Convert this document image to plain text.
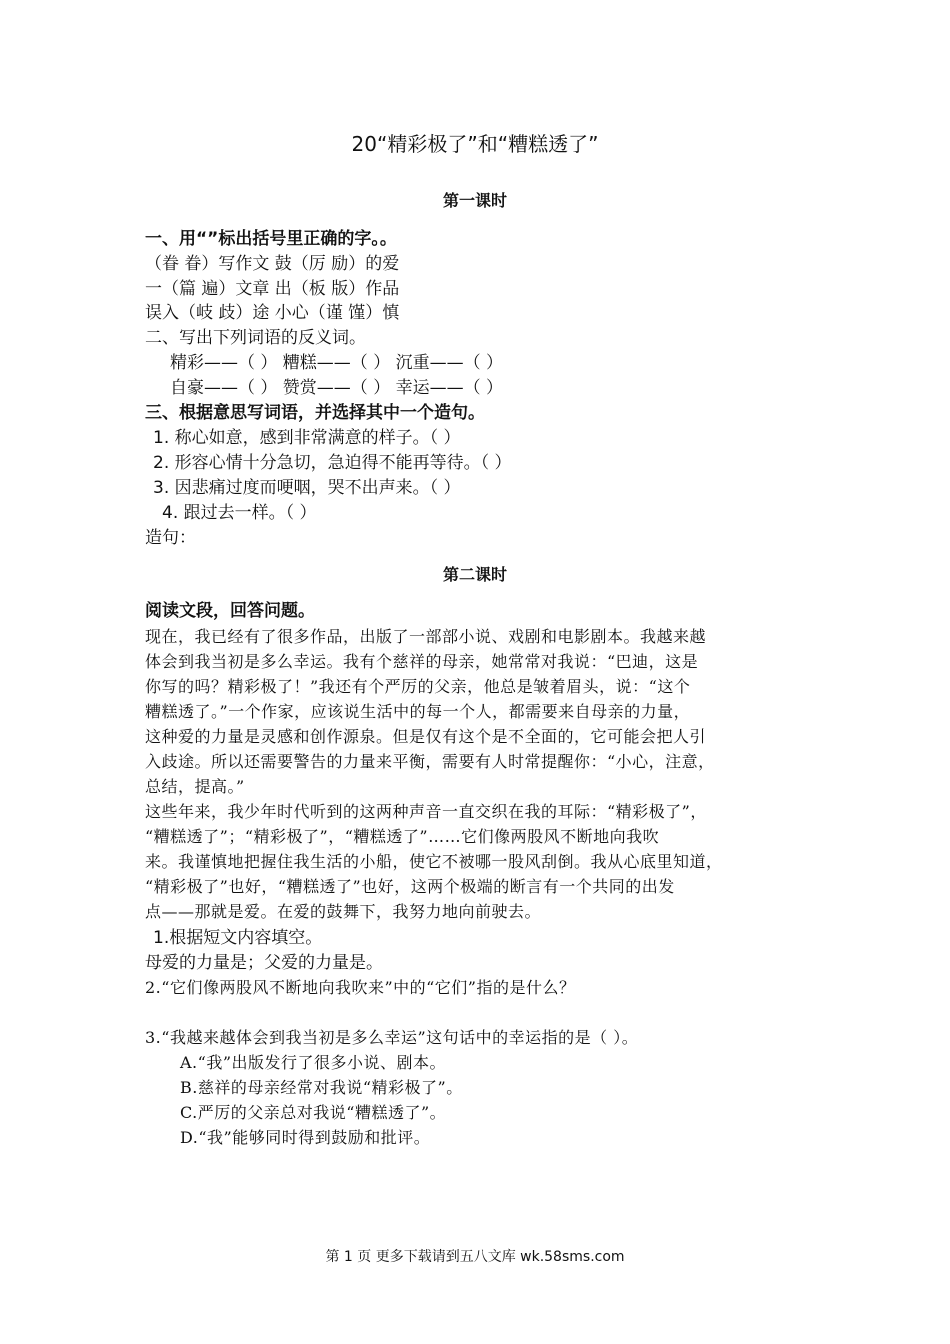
20“精彩极了”和“糟糕透了”
第一课时
一、用“”标出括号里正确的字。。
（眷 眷）写作文 鼓（厉 励）的爱
一（篇 遍）文章 出（板 版）作品
误入（岐 歧）途 小心（谨 馑）慎
二、写出下列词语的反义词。
精彩——（ ） 糟糕——（ ） 沉重——（ ）
自豪——（ ） 赞赏——（ ） 幸运——（ ）
三、根据意思写词语，并选择其中一个造句。
1. 称心如意，感到非常满意的样子。（ ）
2. 形容心情十分急切，急迫得不能再等待。（ ）
3. 因悲痛过度而哽咽，哭不出声来。（ ）
4. 跟过去一样。（ ）
造句：
第二课时
阅读文段，回答问题。
现在，我已经有了很多作品，出版了一部部小说、戏剧和电影剧本。我越来越
体会到我当初是多么幸运。我有个慈祥的母亲，她常常对我说：“巴迪，这是
你写的吗？精彩极了！”我还有个严厉的父亲，他总是皱着眉头，说：“这个
糟糕透了。”一个作家，应该说生活中的每一个人，都需要来自母亲的力量，
这种爱的力量是灵感和创作源泉。但是仅有这个是不全面的，它可能会把人引
入歧途。所以还需要警告的力量来平衡，需要有人时常提醒你：“小心，注意，
总结，提高。”
这些年来，我少年时代听到的这两种声音一直交织在我的耳际：“精彩极了”，
“糟糕透了”；“精彩极了”，“糟糕透了”……它们像两股风不断地向我吹
来。我谨慎地把握住我生活的小船，使它不被哪一股风刮倒。我从心底里知道，
“精彩极了”也好，“糟糕透了”也好，这两个极端的断言有一个共同的出发
点——那就是爱。在爱的鼓舞下，我努力地向前驶去。
1.根据短文内容填空。
母爱的力量是；父爱的力量是。
2.“它们像两股风不断地向我吹来”中的“它们”指的是什么？
3.“我越来越体会到我当初是多么幸运”这句话中的幸运指的是（ ）。
A.“我”出版发行了很多小说、剧本。
B.慈祥的母亲经常对我说“精彩极了”。
C.严厉的父亲总对我说“糟糕透了”。
D.“我”能够同时得到鼓励和批评。
第 1 页 更多下载请到五八文库 wk.58sms.com
